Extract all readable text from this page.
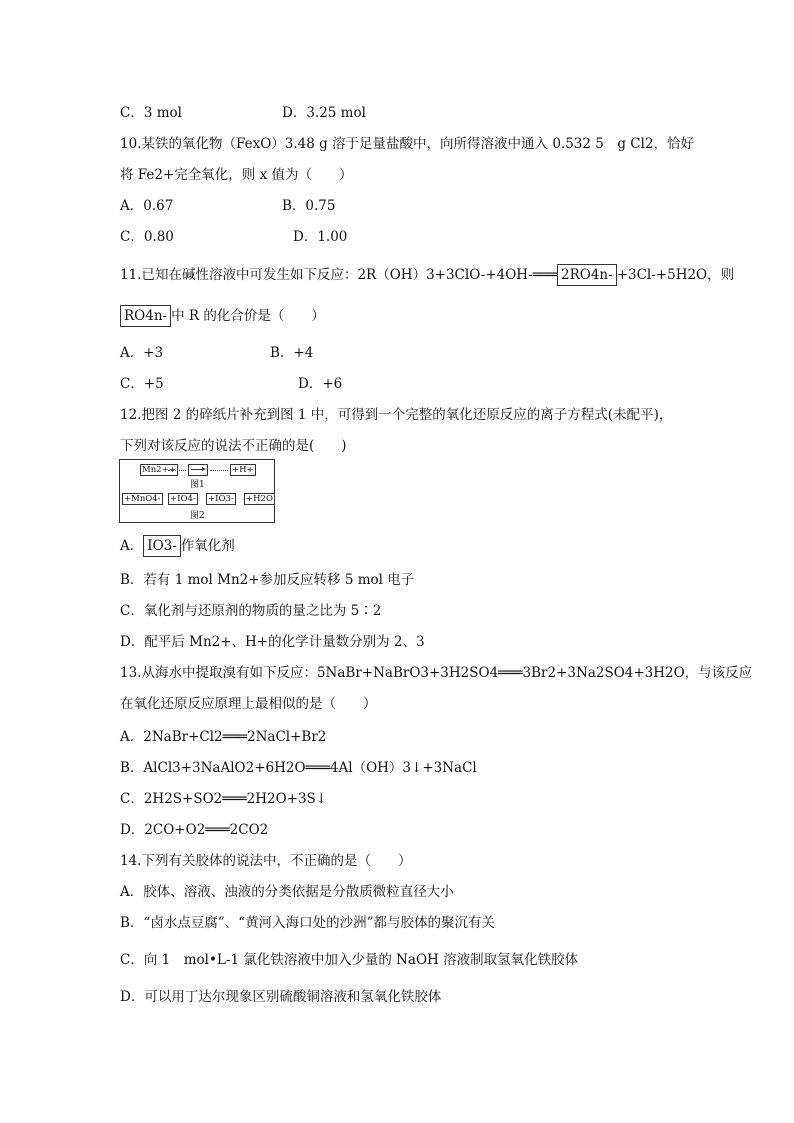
C．3 mol	D．3.25 mol
10.某铁的氧化物（FexO）3.48 g 溶于足量盐酸中，向所得溶液中通入 0.532 5　g Cl2，恰好
将 Fe2+完全氧化，则 x 值为（　　）
A．0.67	B．0.75
C．0.80	D．1.00
11.已知在碱性溶液中可发生如下反应：2R（OH）3+3ClO-+4OH-═══ 2RO4n- +3Cl-+5H2O，则
RO4n- 中 R 的化合价是（　　）
A．+3	B．+4
C．+5	D．+6
12.把图 2 的碎纸片补充到图 1 中，可得到一个完整的氧化还原反应的离子方程式(未配平)，
下列对该反应的说法不正确的是(　　)
Mn2++	+H+
图1
+MnO4- +IO4- +IO3- +H2O
图2
A． IO3- 作氧化剂
B．若有 1 mol Mn2+参加反应转移 5 mol 电子
C．氧化剂与还原剂的物质的量之比为 5∶2
D．配平后 Mn2+、H+的化学计量数分别为 2、3
13.从海水中提取溴有如下反应：5NaBr+NaBrO3+3H2SO4═══3Br2+3Na2SO4+3H2O，与该反应
在氧化还原反应原理上最相似的是（　　）
A．2NaBr+Cl2═══2NaCl+Br2
B．AlCl3+3NaAlO2+6H2O═══4Al（OH）3↓+3NaCl
C．2H2S+SO2═══2H2O+3S↓
D．2CO+O2═══2CO2
14.下列有关胶体的说法中，不正确的是（　　）
A．胶体、溶液、浊液的分类依据是分散质微粒直径大小
B．“卤水点豆腐”、“黄河入海口处的沙洲”都与胶体的聚沉有关
C．向 1　mol•L-1 氯化铁溶液中加入少量的 NaOH 溶液制取氢氧化铁胶体
D．可以用丁达尔现象区别硫酸铜溶液和氢氧化铁胶体
